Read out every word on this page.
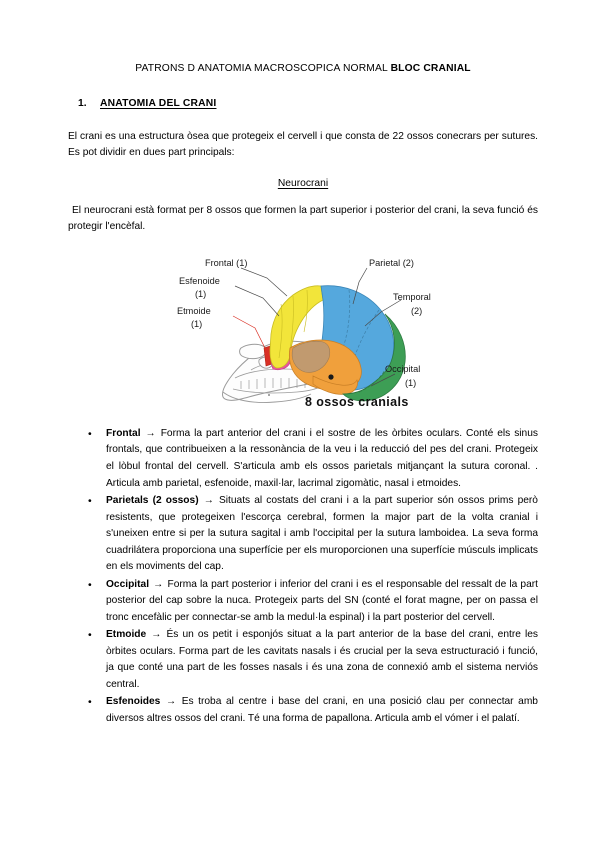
PATRONS D ANATOMIA MACROSCOPICA NORMAL BLOC CRANIAL
1.	ANATOMIA DEL CRANI

El crani es una estructura òsea que protegeix el cervell i que consta de 22 ossos conecrars per sutures. Es pot dividir en dues part principals:

Neurocrani

El neurocrani està format per 8 ossos que formen la part superior i posterior del crani, la seva funció és protegir l'encèfal.

Frontal (1)
Esfenoide
(1)
Etmoide
(1)
Parietal (2)
Temporal
(2)
Occipital
(1)
8 ossos cranials
• Frontal → Forma la part anterior del crani i el sostre de les òrbites oculars. Conté els sinus frontals, que contribueixen a la ressonància de la veu i la reducció del pes del crani. Protegeix el lòbul frontal del cervell. S'articula amb els ossos parietals mitjançant la sutura coronal. . Articula amb parietal, esfenoide, maxil·lar, lacrimal zigomàtic, nasal i etmoides.
• Parietals (2 ossos) → Situats al costats del crani i a la part superior són ossos prims però resistents, que protegeixen l'escorça cerebral, formen la major part de la volta cranial i s'uneixen entre si per la sutura sagital i amb l'occipital per la sutura lamboidea. La seva forma cuadrilátera proporciona una superfície per els muroporcionen una superfície músculs implicats en els moviments del cap.
• Occipital → Forma la part posterior i inferior del crani i es el responsable del ressalt de la part posterior del cap sobre la nuca. Protegeix parts del SN (conté el forat magne, per on passa el tronc encefàlic per connectar-se amb la medul·la espinal) i la part posterior del cervell.
• Etmoide → És un os petit i esponjós situat a la part anterior de la base del crani, entre les òrbites oculars. Forma part de les cavitats nasals i és crucial per la seva estructuració i funció, ja que conté una part de les fosses nasals i és una zona de connexió amb el sistema nerviós central.
• Esfenoides → Es troba al centre i base del crani, en una posició clau per connectar amb diversos altres ossos del crani. Té una forma de papallona. Articula amb el vómer i el palatí.
